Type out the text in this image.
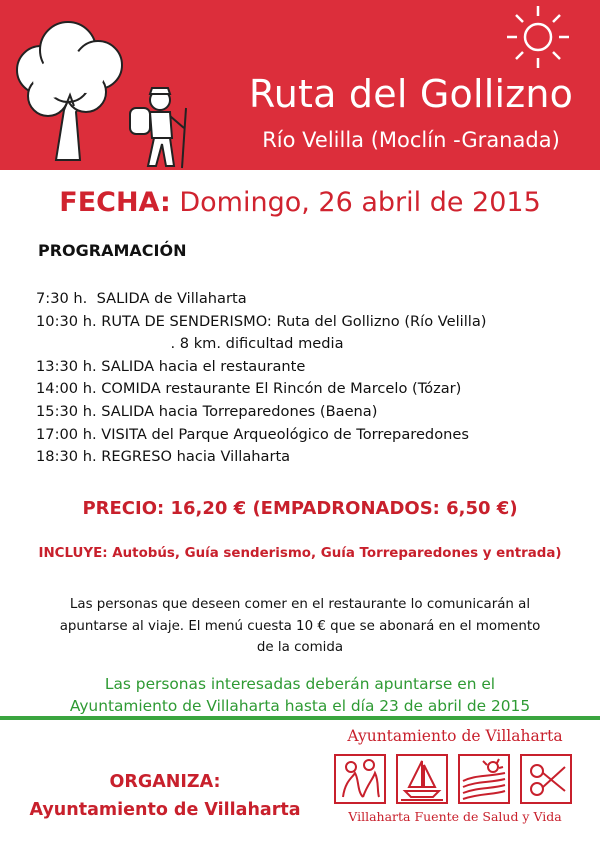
Ruta del Gollizno
Río Velilla (Moclín -Granada)
FECHA: Domingo, 26 abril de 2015
PROGRAMACIÓN
7:30 h.  SALIDA de Villaharta
10:30 h. RUTA DE SENDERISMO: Ruta del Gollizno (Río Velilla)
. 8 km. dificultad media
13:30 h. SALIDA hacia el restaurante
14:00 h. COMIDA restaurante El Rincón de Marcelo (Tózar)
15:30 h. SALIDA hacia Torreparedones (Baena)
17:00 h. VISITA del Parque Arqueológico de Torreparedones
18:30 h. REGRESO hacia Villaharta
PRECIO: 16,20 € (EMPADRONADOS: 6,50 €)
INCLUYE: Autobús, Guía senderismo, Guía Torreparedones y entrada)
Las personas que deseen comer en el restaurante lo comunicarán al
apuntarse al viaje. El menú cuesta 10 € que se abonará en el momento
de la comida
Las personas interesadas deberán apuntarse en el
Ayuntamiento de Villaharta hasta el día 23 de abril de 2015
ORGANIZA:
Ayuntamiento de Villaharta
Ayuntamiento de Villaharta
Villaharta Fuente de Salud y Vida
